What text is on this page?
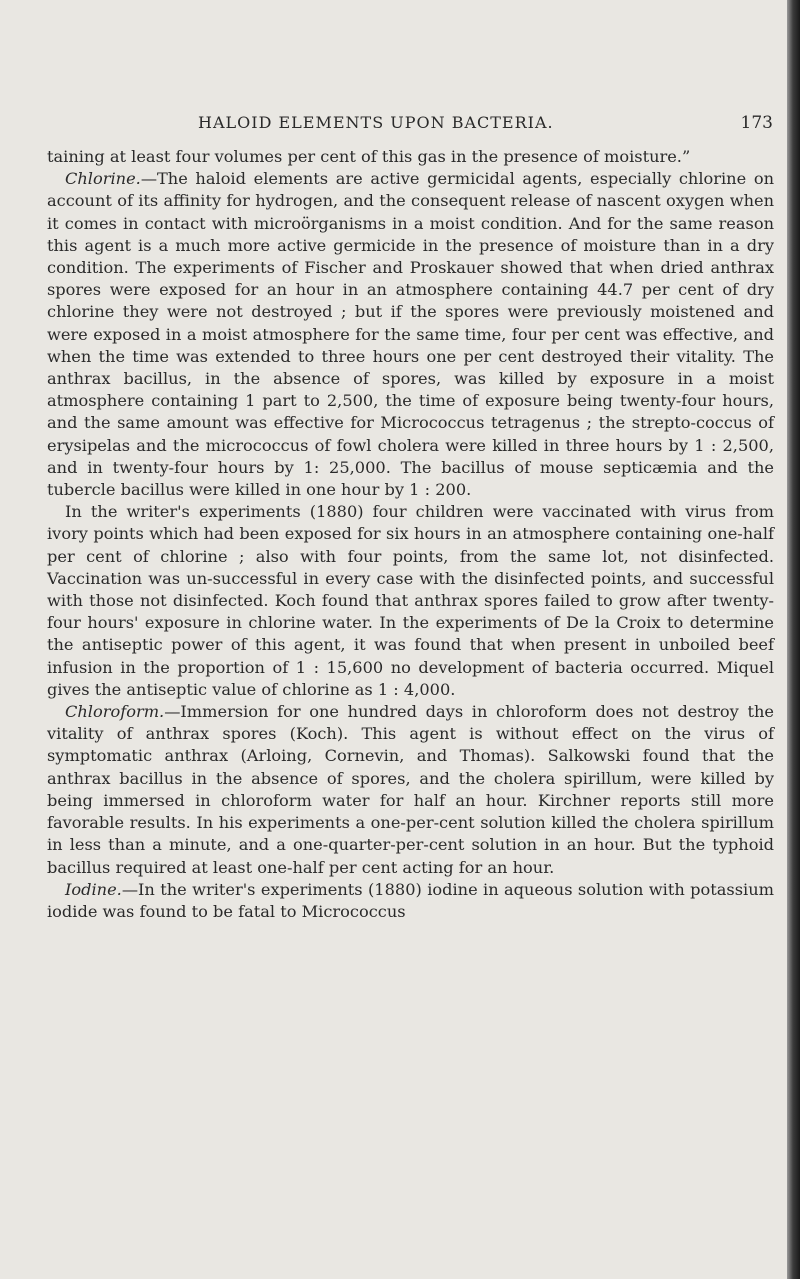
HALOID ELEMENTS UPON BACTERIA.	173

taining at least four volumes per cent of this gas in the presence of moisture.”

Chlorine.—The haloid elements are active germicidal agents, especially chlorine on account of its affinity for hydrogen, and the consequent release of nascent oxygen when it comes in contact with microörganisms in a moist condition. And for the same reason this agent is a much more active germicide in the presence of moisture than in a dry condition. The experiments of Fischer and Proskauer showed that when dried anthrax spores were exposed for an hour in an atmosphere containing 44.7 per cent of dry chlorine they were not destroyed ; but if the spores were previously moistened and were exposed in a moist atmosphere for the same time, four per cent was effective, and when the time was extended to three hours one per cent destroyed their vitality. The anthrax bacillus, in the absence of spores, was killed by exposure in a moist atmosphere containing 1 part to 2,500, the time of exposure being twenty-four hours, and the same amount was effective for Micrococcus tetragenus ; the strepto-coccus of erysipelas and the micrococcus of fowl cholera were killed in three hours by 1 : 2,500, and in twenty-four hours by 1: 25,000. The bacillus of mouse septicæmia and the tubercle bacillus were killed in one hour by 1 : 200.

In the writer's experiments (1880) four children were vaccinated with virus from ivory points which had been exposed for six hours in an atmosphere containing one-half per cent of chlorine ; also with four points, from the same lot, not disinfected. Vaccination was un-successful in every case with the disinfected points, and successful with those not disinfected. Koch found that anthrax spores failed to grow after twenty-four hours' exposure in chlorine water. In the experiments of De la Croix to determine the antiseptic power of this agent, it was found that when present in unboiled beef infusion in the proportion of 1 : 15,600 no development of bacteria occurred. Miquel gives the antiseptic value of chlorine as 1 : 4,000.

Chloroform.—Immersion for one hundred days in chloroform does not destroy the vitality of anthrax spores (Koch). This agent is without effect on the virus of symptomatic anthrax (Arloing, Cornevin, and Thomas). Salkowski found that the anthrax bacillus in the absence of spores, and the cholera spirillum, were killed by being immersed in chloroform water for half an hour. Kirchner reports still more favorable results. In his experiments a one-per-cent solution killed the cholera spirillum in less than a minute, and a one-quarter-per-cent solution in an hour. But the typhoid bacillus required at least one-half per cent acting for an hour.

Iodine.—In the writer's experiments (1880) iodine in aqueous solution with potassium iodide was found to be fatal to Micrococcus
